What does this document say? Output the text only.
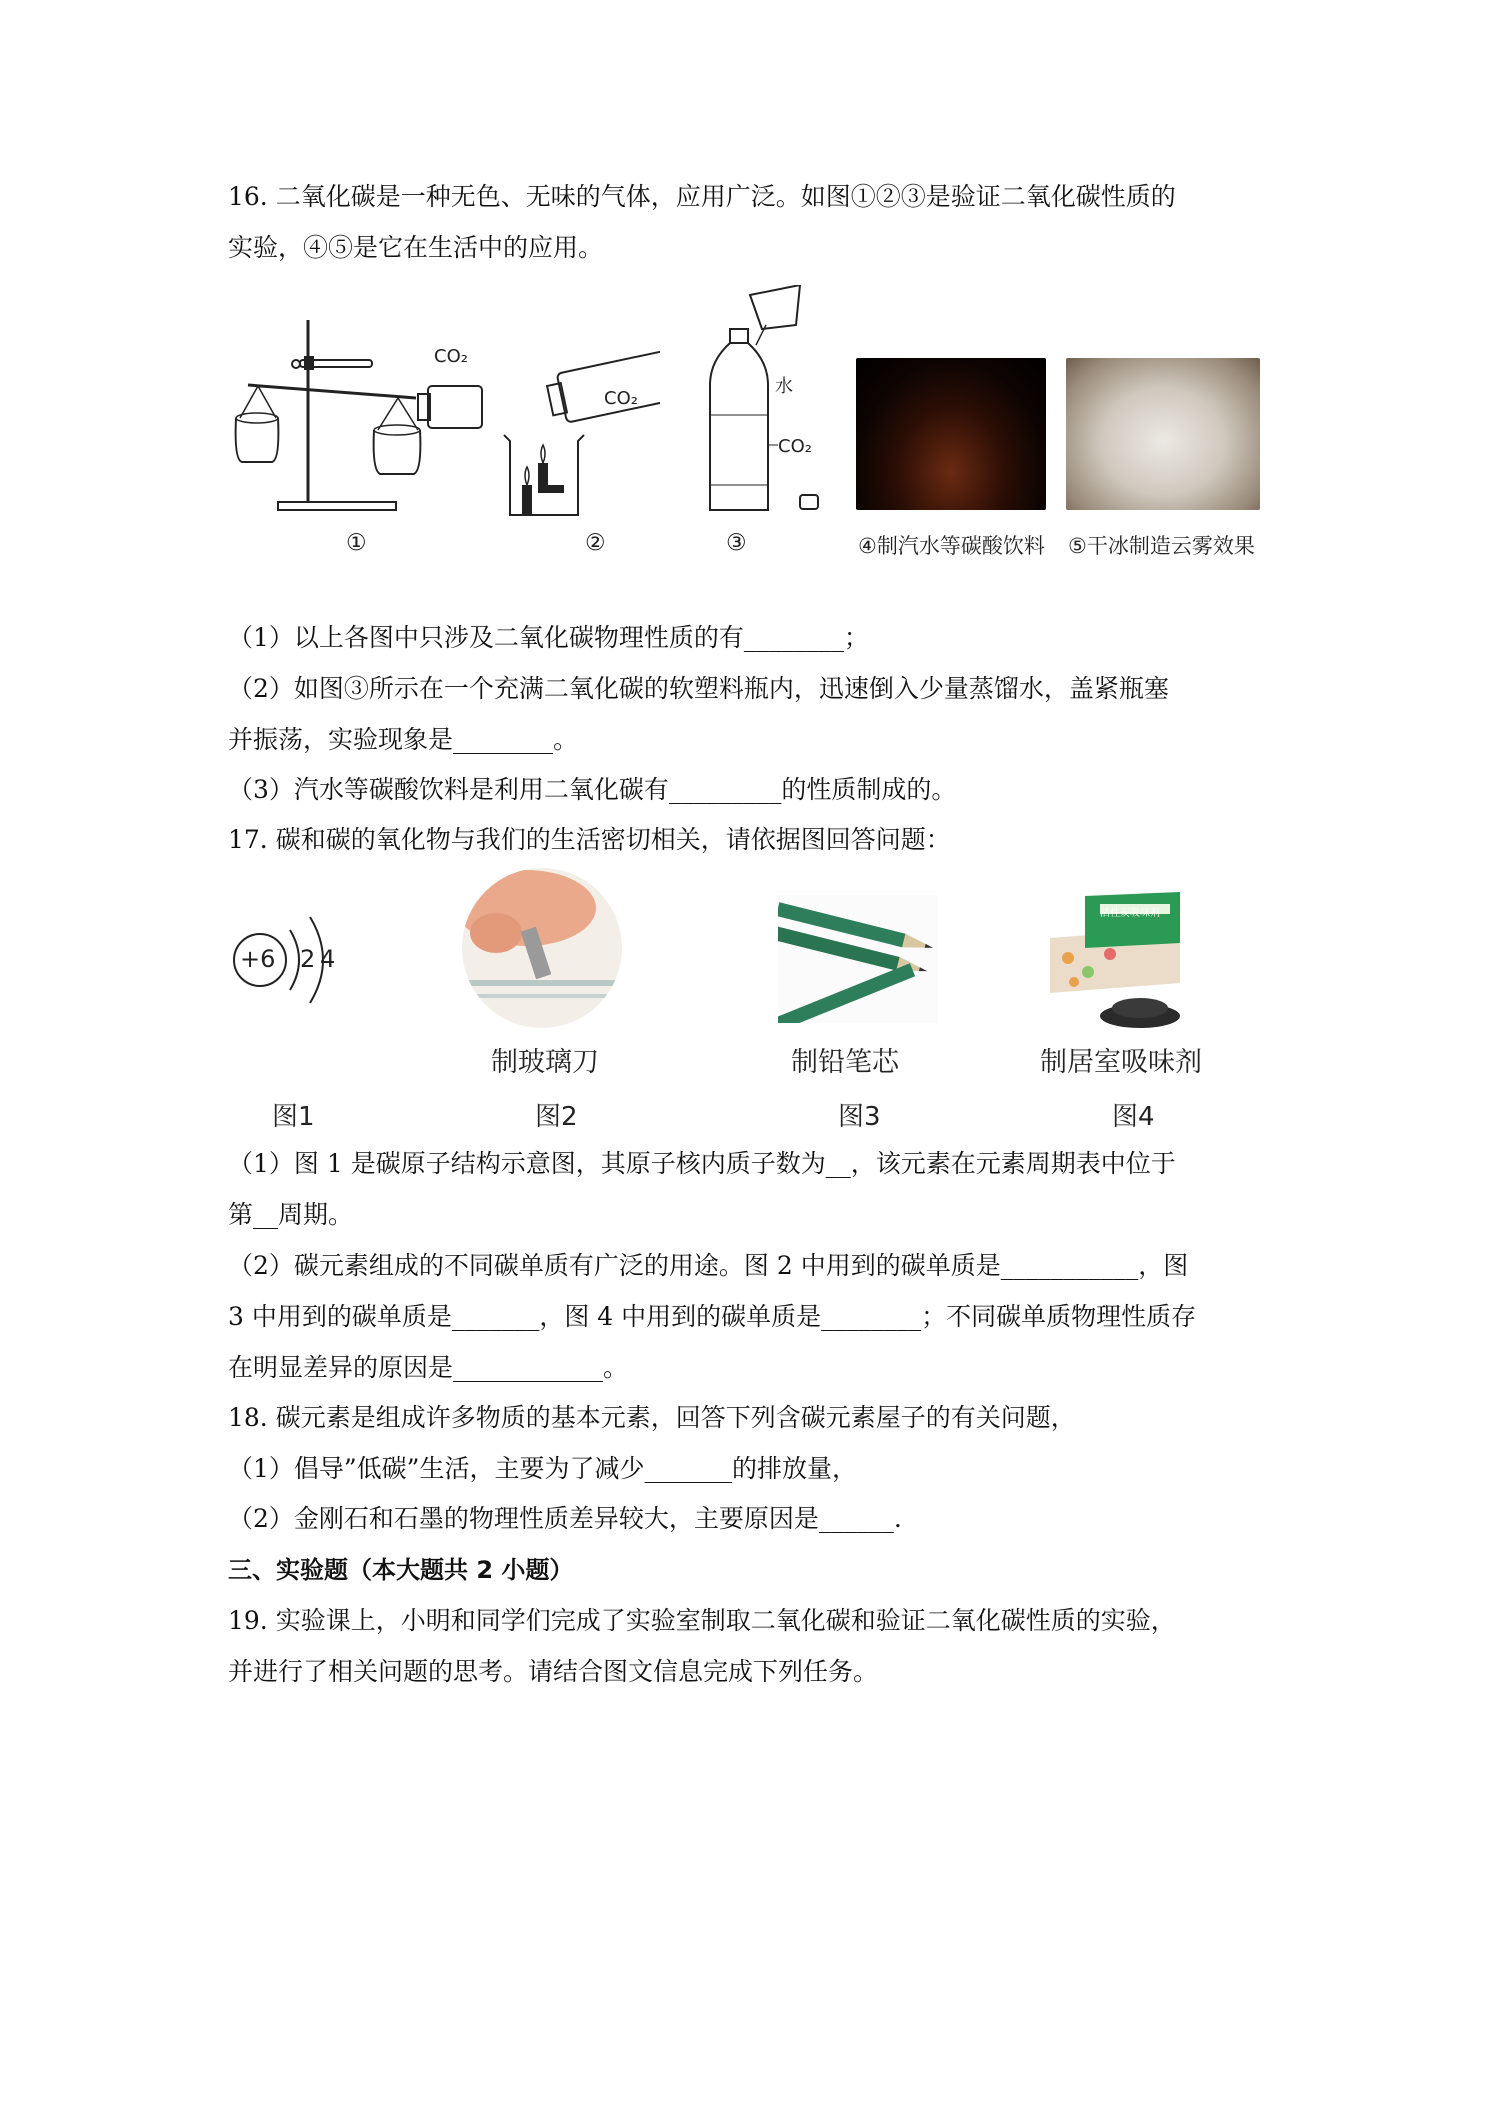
16. 二氧化碳是一种无色、无味的气体，应用广泛。如图①②③是验证二氧化碳性质的
实验，④⑤是它在生活中的应用。
CO₂
CO₂
水
CO₂
①	②	③	④制汽水等碳酸饮料 ⑤干冰制造云雾效果
（1）以上各图中只涉及二氧化碳物理性质的有________；
（2）如图③所示在一个充满二氧化碳的软塑料瓶内，迅速倒入少量蒸馏水，盖紧瓶塞
并振荡，实验现象是________。
（3）汽水等碳酸饮料是利用二氧化碳有_________的性质制成的。
17. 碳和碳的氧化物与我们的生活密切相关，请依据图回答问题：
+6 2 4
活性炭吸味剂
制玻璃刀	制铅笔芯	制居室吸味剂
图1	图2	图3	图4
（1）图 1 是碳原子结构示意图，其原子核内质子数为__，该元素在元素周期表中位于
第__周期。
（2）碳元素组成的不同碳单质有广泛的用途。图 2 中用到的碳单质是___________，图
3 中用到的碳单质是_______，图 4 中用到的碳单质是________；不同碳单质物理性质存
在明显差异的原因是____________。
18. 碳元素是组成许多物质的基本元素，回答下列含碳元素屋子的有关问题，
（1）倡导”低碳”生活，主要为了减少_______的排放量，
（2）金刚石和石墨的物理性质差异较大，主要原因是______.
三、实验题（本大题共 2 小题）
19. 实验课上，小明和同学们完成了实验室制取二氧化碳和验证二氧化碳性质的实验，
并进行了相关问题的思考。请结合图文信息完成下列任务。
